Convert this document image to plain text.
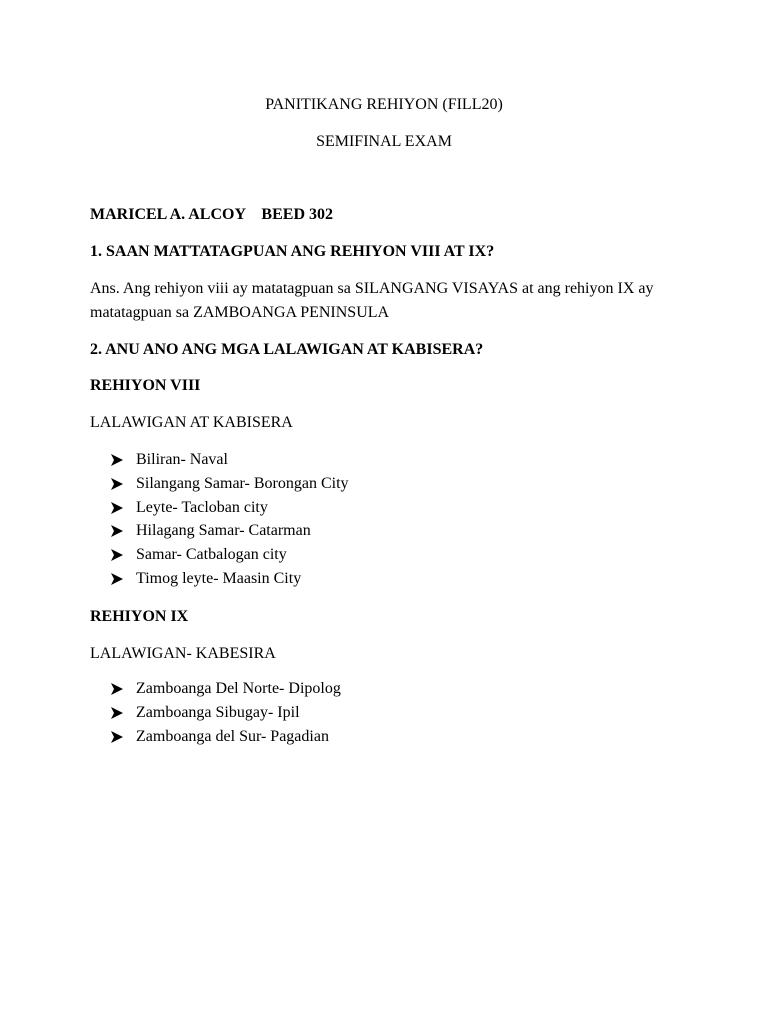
PANITIKANG REHIYON (FILL20)
SEMIFINAL EXAM
MARICEL A. ALCOY    BEED 302
1. SAAN MATTATAGPUAN ANG REHIYON VIII AT IX?
Ans. Ang rehiyon viii ay matatagpuan sa SILANGANG VISAYAS at ang rehiyon IX ay matatagpuan sa ZAMBOANGA PENINSULA
2. ANU ANO ANG MGA LALAWIGAN AT KABISERA?
REHIYON VIII
LALAWIGAN AT KABISERA
Biliran- Naval
Silangang Samar- Borongan City
Leyte- Tacloban city
Hilagang Samar- Catarman
Samar- Catbalogan city
Timog leyte- Maasin City
REHIYON IX
LALAWIGAN- KABESIRA
Zamboanga Del Norte- Dipolog
Zamboanga Sibugay- Ipil
Zamboanga del Sur- Pagadian
